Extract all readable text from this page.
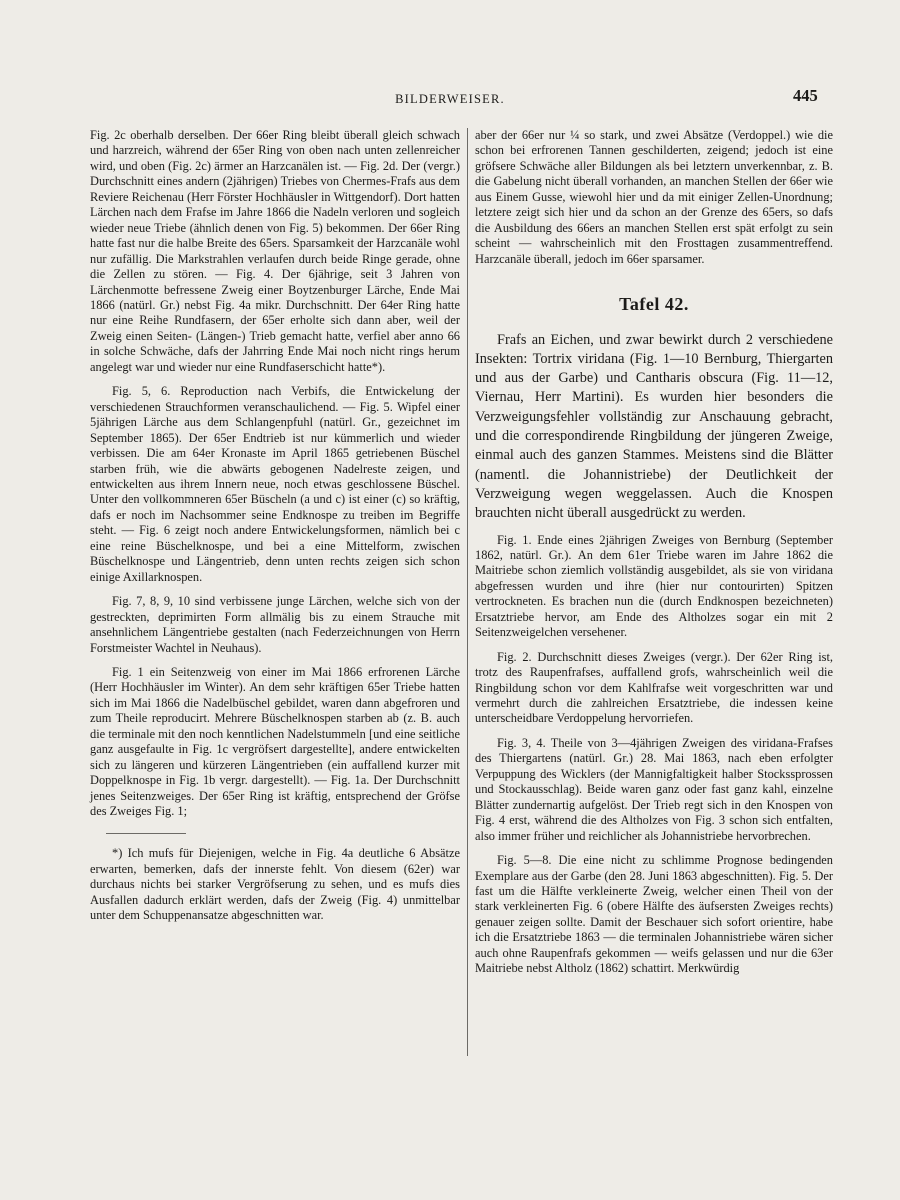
BILDERWEISER.	445

Fig. 2c oberhalb derselben. Der 66er Ring bleibt überall gleich schwach und harzreich, während der 65er Ring von oben nach unten zellenreicher wird, und oben (Fig. 2c) ärmer an Harzcanälen ist. — Fig. 2d. Der (vergr.) Durchschnitt eines andern (2jährigen) Triebes von Chermes-Frafs aus dem Reviere Reichenau (Herr Förster Hochhäusler in Wittgendorf). Dort hatten Lärchen nach dem Frafse im Jahre 1866 die Nadeln verloren und sogleich wieder neue Triebe (ähnlich denen von Fig. 5) bekommen. Der 66er Ring hatte fast nur die halbe Breite des 65ers. Sparsamkeit der Harzcanäle wohl nur zufällig. Die Markstrahlen verlaufen durch beide Ringe gerade, ohne die Zellen zu stören. — Fig. 4. Der 6jährige, seit 3 Jahren von Lärchenmotte befressene Zweig einer Boytzenburger Lärche, Ende Mai 1866 (natürl. Gr.) nebst Fig. 4a mikr. Durchschnitt. Der 64er Ring hatte nur eine Reihe Rundfasern, der 65er erholte sich dann aber, weil der Zweig einen Seiten- (Längen-) Trieb gemacht hatte, verfiel aber anno 66 in solche Schwäche, dafs der Jahrring Ende Mai noch nicht rings herum angelegt war und wieder nur eine Rundfaserschicht hatte*).

Fig. 5, 6. Reproduction nach Verbifs, die Entwickelung der verschiedenen Strauchformen veranschaulichend. — Fig. 5. Wipfel einer 5jährigen Lärche aus dem Schlangenpfuhl (natürl. Gr., gezeichnet im September 1865). Der 65er Endtrieb ist nur kümmerlich und wieder verbissen. Die am 64er Kronaste im April 1865 getriebenen Büschel starben früh, wie die abwärts gebogenen Nadelreste zeigen, und entwickelten aus ihrem Innern neue, noch etwas geschlossene Büschel. Unter den vollkommneren 65er Büscheln (a und c) ist einer (c) so kräftig, dafs er noch im Nachsommer seine Endknospe zu treiben im Begriffe steht. — Fig. 6 zeigt noch andere Entwickelungsformen, nämlich bei c eine reine Büschelknospe, und bei a eine Mittelform, zwischen Büschelknospe und Längentrieb, denn unten rechts zeigen sich schon einige Axillarknospen.

Fig. 7, 8, 9, 10 sind verbissene junge Lärchen, welche sich von der gestreckten, deprimirten Form allmälig bis zu einem Strauche mit ansehnlichem Längentriebe gestalten (nach Federzeichnungen von Herrn Forstmeister Wachtel in Neuhaus).

Fig. 1 ein Seitenzweig von einer im Mai 1866 erfrorenen Lärche (Herr Hochhäusler im Winter). An dem sehr kräftigen 65er Triebe hatten sich im Mai 1866 die Nadelbüschel gebildet, waren dann abgefroren und zum Theile reproducirt. Mehrere Büschelknospen starben ab (z. B. auch die terminale mit den noch kenntlichen Nadelstummeln [und eine seitliche ganz ausgefaulte in Fig. 1c vergröfsert dargestellte], andere entwickelten sich zu längeren und kürzeren Längentrieben (ein auffallend kurzer mit Doppelknospe in Fig. 1b vergr. dargestellt). — Fig. 1a. Der Durchschnitt jenes Seitenzweiges. Der 65er Ring ist kräftig, entsprechend der Gröfse des Zweiges Fig. 1;

*) Ich mufs für Diejenigen, welche in Fig. 4a deutliche 6 Absätze erwarten, bemerken, dafs der innerste fehlt. Von diesem (62er) war durchaus nichts bei starker Vergröfserung zu sehen, und es mufs dies Ausfallen dadurch erklärt werden, dafs der Zweig (Fig. 4) unmittelbar unter dem Schuppenansatze abgeschnitten war.

aber der 66er nur ¼ so stark, und zwei Absätze (Verdoppel.) wie die schon bei erfrorenen Tannen geschilderten, zeigend; jedoch ist eine gröfsere Schwäche aller Bildungen als bei letztern unverkennbar, z. B. die Gabelung nicht überall vorhanden, an manchen Stellen der 66er wie aus Einem Gusse, wiewohl hier und da mit einiger Zellen-Unordnung; letztere zeigt sich hier und da schon an der Grenze des 65ers, so dafs die Ausbildung des 66ers an manchen Stellen erst spät erfolgt zu sein scheint — wahrscheinlich mit den Frosttagen zusammentreffend. Harzcanäle überall, jedoch im 66er sparsamer.

Tafel 42.

Frafs an Eichen, und zwar bewirkt durch 2 verschiedene Insekten: Tortrix viridana (Fig. 1—10 Bernburg, Thiergarten und aus der Garbe) und Cantharis obscura (Fig. 11—12, Viernau, Herr Martini). Es wurden hier besonders die Verzweigungsfehler vollständig zur Anschauung gebracht, und die correspondirende Ringbildung der jüngeren Zweige, einmal auch des ganzen Stammes. Meistens sind die Blätter (namentl. die Johannistriebe) der Deutlichkeit der Verzweigung wegen weggelassen. Auch die Knospen brauchten nicht überall ausgedrückt zu werden.

Fig. 1. Ende eines 2jährigen Zweiges von Bernburg (September 1862, natürl. Gr.). An dem 61er Triebe waren im Jahre 1862 die Maitriebe schon ziemlich vollständig ausgebildet, als sie von viridana abgefressen wurden und ihre (hier nur contourirten) Spitzen vertrockneten. Es brachen nun die (durch Endknospen bezeichneten) Ersatztriebe hervor, am Ende des Altholzes sogar ein mit 2 Seitenzweigelchen versehener.

Fig. 2. Durchschnitt dieses Zweiges (vergr.). Der 62er Ring ist, trotz des Raupenfrafses, auffallend grofs, wahrscheinlich weil die Ringbildung schon vor dem Kahlfrafse weit vorgeschritten war und vermehrt durch die zahlreichen Ersatztriebe, die indessen keine unterscheidbare Verdoppelung hervorriefen.

Fig. 3, 4. Theile von 3—4jährigen Zweigen des viridana-Frafses des Thiergartens (natürl. Gr.) 28. Mai 1863, nach eben erfolgter Verpuppung des Wicklers (der Mannigfaltigkeit halber Stockssprossen und Stockausschlag). Beide waren ganz oder fast ganz kahl, einzelne Blätter zundernartig aufgelöst. Der Trieb regt sich in den Knospen von Fig. 4 erst, während die des Altholzes von Fig. 3 schon sich entfalten, also immer früher und reichlicher als Johannistriebe hervorbrechen.

Fig. 5—8. Die eine nicht zu schlimme Prognose bedingenden Exemplare aus der Garbe (den 28. Juni 1863 abgeschnitten). Fig. 5. Der fast um die Hälfte verkleinerte Zweig, welcher einen Theil von der stark verkleinerten Fig. 6 (obere Hälfte des äufsersten Zweiges rechts) genauer zeigen sollte. Damit der Beschauer sich sofort orientire, habe ich die Ersatztriebe 1863 — die terminalen Johannistriebe wären sicher auch ohne Raupenfrafs gekommen — weifs gelassen und nur die 63er Maitriebe nebst Altholz (1862) schattirt. Merkwürdig
